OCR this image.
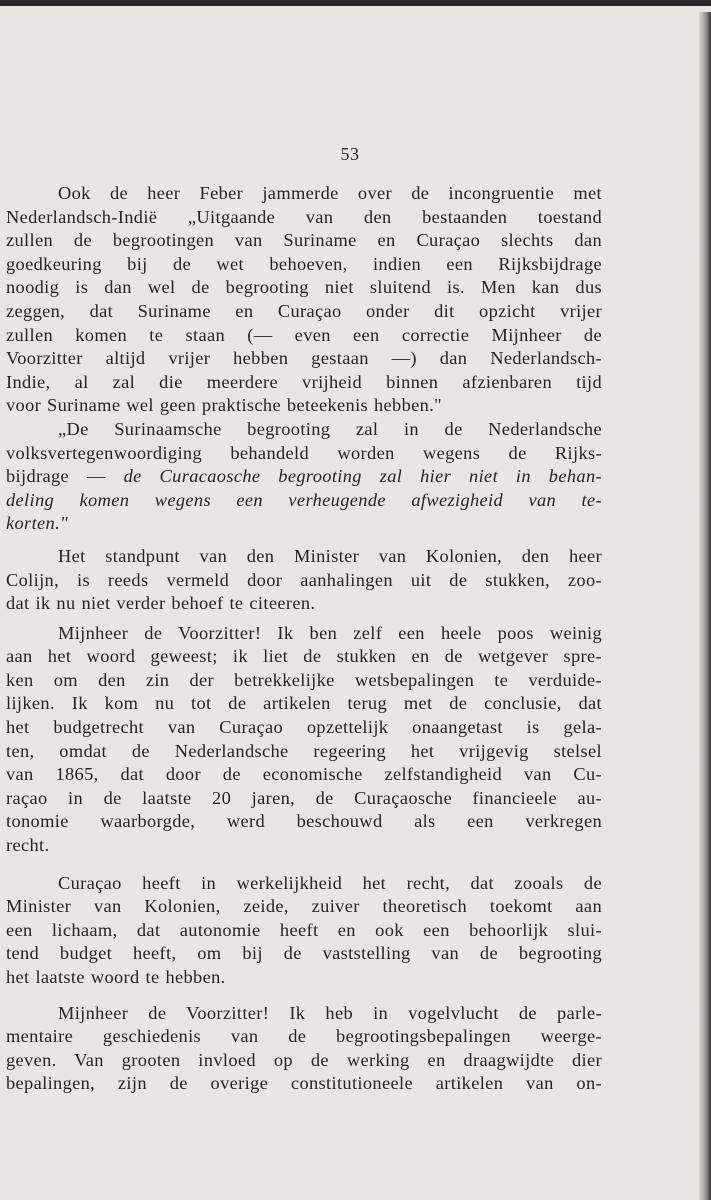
53

Ook de heer Feber jammerde over de incongruentie met
Nederlandsch-Indië „Uitgaande van den bestaanden toestand
zullen de begrootingen van Suriname en Curaçao slechts dan
goedkeuring bij de wet behoeven, indien een Rijksbijdrage
noodig is dan wel de begrooting niet sluitend is. Men kan dus
zeggen, dat Suriname en Curaçao onder dit opzicht vrijer
zullen komen te staan (— even een correctie Mijnheer de
Voorzitter altijd vrijer hebben gestaan —) dan Nederlandsch-
Indie, al zal die meerdere vrijheid binnen afzienbaren tijd
voor Suriname wel geen praktische beteekenis hebben."

„De Surinaamsche begrooting zal in de Nederlandsche
volksvertegenwoordiging behandeld worden wegens de Rijks-
bijdrage — de Curacaosche begrooting zal hier niet in behan-
deling komen wegens een verheugende afwezigheid van te-
korten."

Het standpunt van den Minister van Kolonien, den heer
Colijn, is reeds vermeld door aanhalingen uit de stukken, zoo-
dat ik nu niet verder behoef te citeeren.

Mijnheer de Voorzitter! Ik ben zelf een heele poos weinig
aan het woord geweest; ik liet de stukken en de wetgever spre-
ken om den zin der betrekkelijke wetsbepalingen te verduide-
lijken. Ik kom nu tot de artikelen terug met de conclusie, dat
het budgetrecht van Curaçao opzettelijk onaangetast is gela-
ten, omdat de Nederlandsche regeering het vrijgevig stelsel
van 1865, dat door de economische zelfstandigheid van Cu-
raçao in de laatste 20 jaren, de Curaçaosche financieele au-
tonomie waarborgde, werd beschouwd als een verkregen
recht.

Curaçao heeft in werkelijkheid het recht, dat zooals de
Minister van Kolonien, zeide, zuiver theoretisch toekomt aan
een lichaam, dat autonomie heeft en ook een behoorlijk slui-
tend budget heeft, om bij de vaststelling van de begrooting
het laatste woord te hebben.

Mijnheer de Voorzitter! Ik heb in vogelvlucht de parle-
mentaire geschiedenis van de begrootingsbepalingen weerge-
geven. Van grooten invloed op de werking en draagwijdte dier
bepalingen, zijn de overige constitutioneele artikelen van on-
